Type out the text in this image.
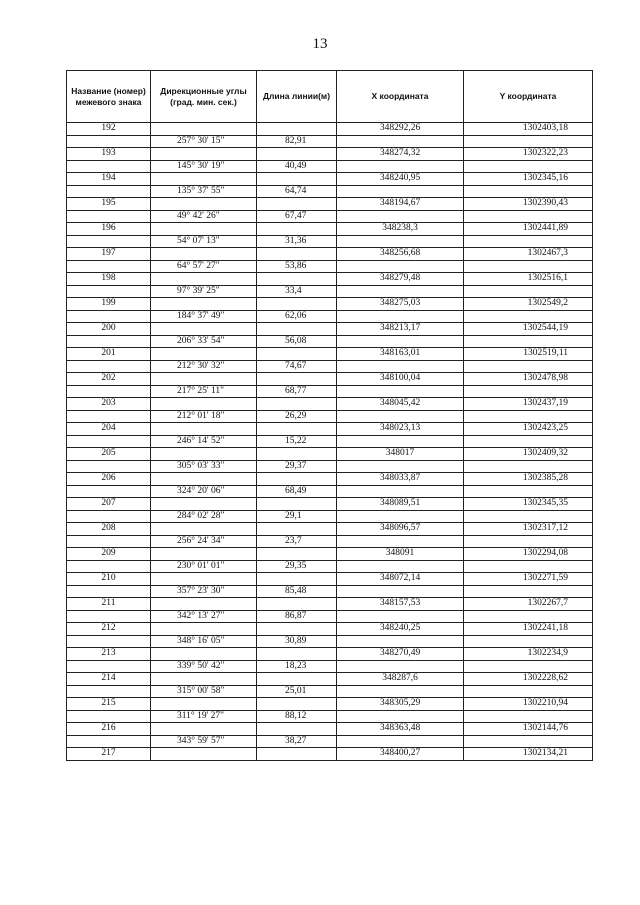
13
Название (номер) межевого знака	Дирекционные углы (град. мин. сек.)	Длина линии(м)	X координата	Y координата
192			348292,26	1302403,18
	257° 30' 15"	82,91		
193			348274,32	1302322,23
	145° 30' 19"	40,49		
194			348240,95	1302345,16
	135° 37' 55"	64,74		
195			348194,67	1302390,43
	49° 42' 26"	67,47		
196			348238,3	1302441,89
	54° 07' 13"	31,36		
197			348256,68	1302467,3
	64° 57' 27"	53,86		
198			348279,48	1302516,1
	97° 39' 25"	33,4		
199			348275,03	1302549,2
	184° 37' 49"	62,06		
200			348213,17	1302544,19
	206° 33' 54"	56,08		
201			348163,01	1302519,11
	212° 30' 32"	74,67		
202			348100,04	1302478,98
	217° 25' 11"	68,77		
203			348045,42	1302437,19
	212° 01' 18"	26,29		
204			348023,13	1302423,25
	246° 14' 52"	15,22		
205			348017	1302409,32
	305° 03' 33"	29,37		
206			348033,87	1302385,28
	324° 20' 06"	68,49		
207			348089,51	1302345,35
	284° 02' 28"	29,1		
208			348096,57	1302317,12
	256° 24' 34"	23,7		
209			348091	1302294,08
	230° 01' 01"	29,35		
210			348072,14	1302271,59
	357° 23' 30"	85,48		
211			348157,53	1302267,7
	342° 13' 27"	86,87		
212			348240,25	1302241,18
	348° 16' 05"	30,89		
213			348270,49	1302234,9
	339° 50' 42"	18,23		
214			348287,6	1302228,62
	315° 00' 58"	25,01		
215			348305,29	1302210,94
	311° 19' 27"	88,12		
216			348363,48	1302144,76
	343° 59' 57"	38,27		
217			348400,27	1302134,21
